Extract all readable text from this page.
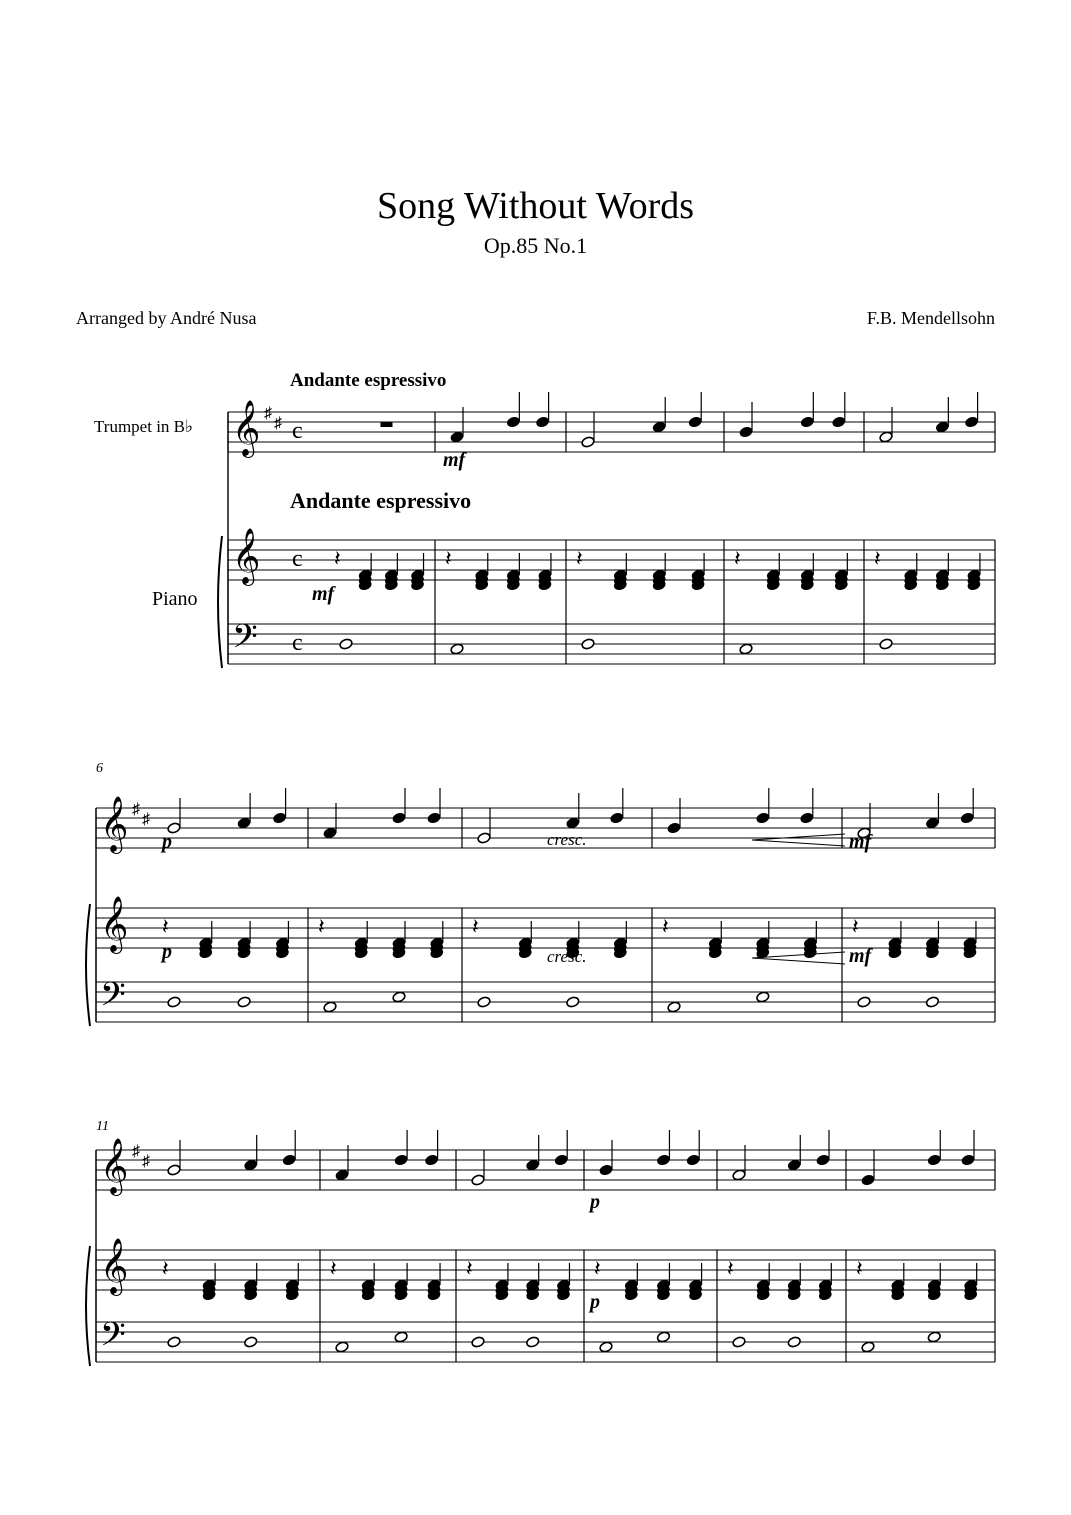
Song Without Words
Op.85 No.1
Arranged by André Nusa	F.B. Mendellsohn
𝄞
𝄞
𝄢
♯
♯ c
c
c
𝄽	𝄽	𝄽	𝄽	𝄽
𝄞
𝄞
𝄢
♯
♯
𝄽	𝄽	𝄽	𝄽	𝄽
𝄞
𝄞
𝄢
♯
♯
𝄽	𝄽	𝄽	𝄽	𝄽	𝄽
Andante espressivo
Andante espressivo
Trumpet in B♭
Piano
6
11
mf
mf
p	cresc.	mf
p	cresc.	mf
p
p
